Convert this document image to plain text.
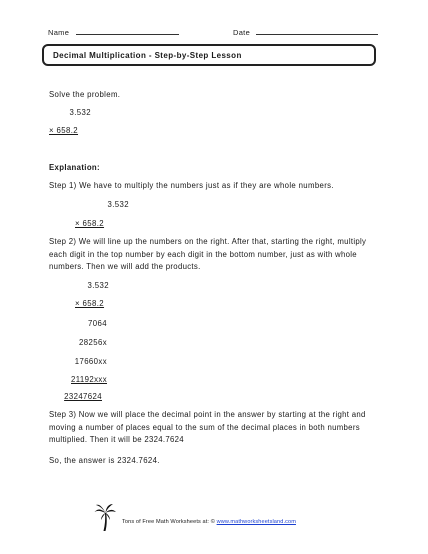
Name	Date
Decimal Multiplication - Step-by-Step Lesson
Solve the problem.
3.532
× 658.2
Explanation:
Step 1) We have to multiply the numbers just as if they are whole numbers.
3.532
× 658.2
Step 2) We will line up the numbers on the right. After that, starting the right, multiply each digit in the top number by each digit in the bottom number, just as with whole numbers. Then we will add the products.
3.532
× 658.2
7064
28256x
17660xx
21192xxx
23247624
Step 3) Now we will place the decimal point in the answer by starting at the right and moving a number of places equal to the sum of the decimal places in both numbers multiplied. Then it will be 2324.7624
So, the answer is 2324.7624.
Tons of Free Math Worksheets at: © www.mathworksheetsland.com
